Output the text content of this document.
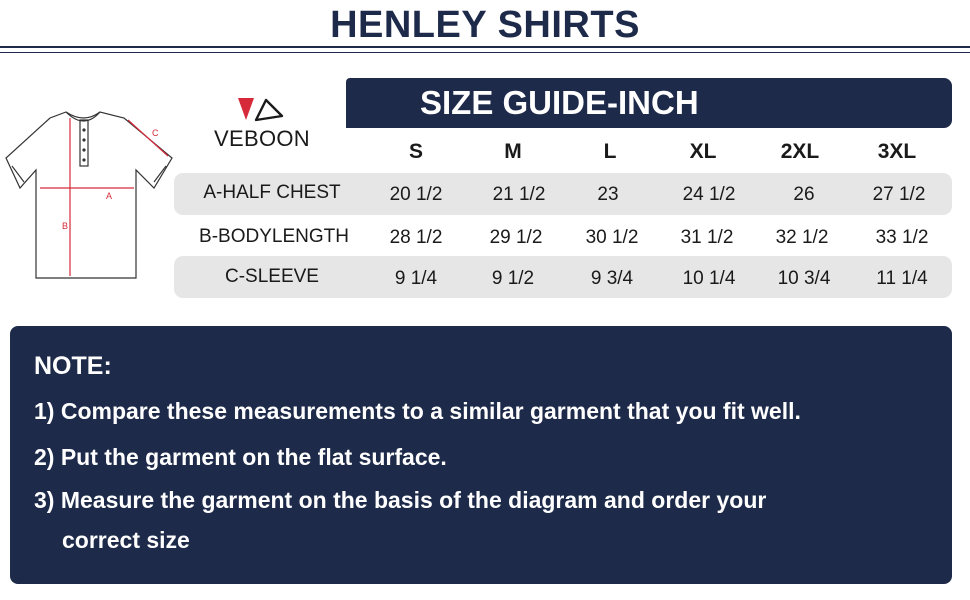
HENLEY SHIRTS
A
B
C	VEBOON
SIZE GUIDE-INCH
S	M	L	XL	2XL	3XL
A-HALF CHEST	20 1/2	21 1/2	23	24 1/2	26	27 1/2
B-BODYLENGTH	28 1/2	29 1/2	30 1/2	31 1/2	32 1/2	33 1/2
C-SLEEVE	9 1/4	9 1/2	9 3/4	10 1/4	10 3/4	11 1/4
NOTE:
1) Compare these measurements to a similar garment that you fit well.
2) Put the garment on the flat surface.
3) Measure the garment on the basis of the diagram and order your
correct size
